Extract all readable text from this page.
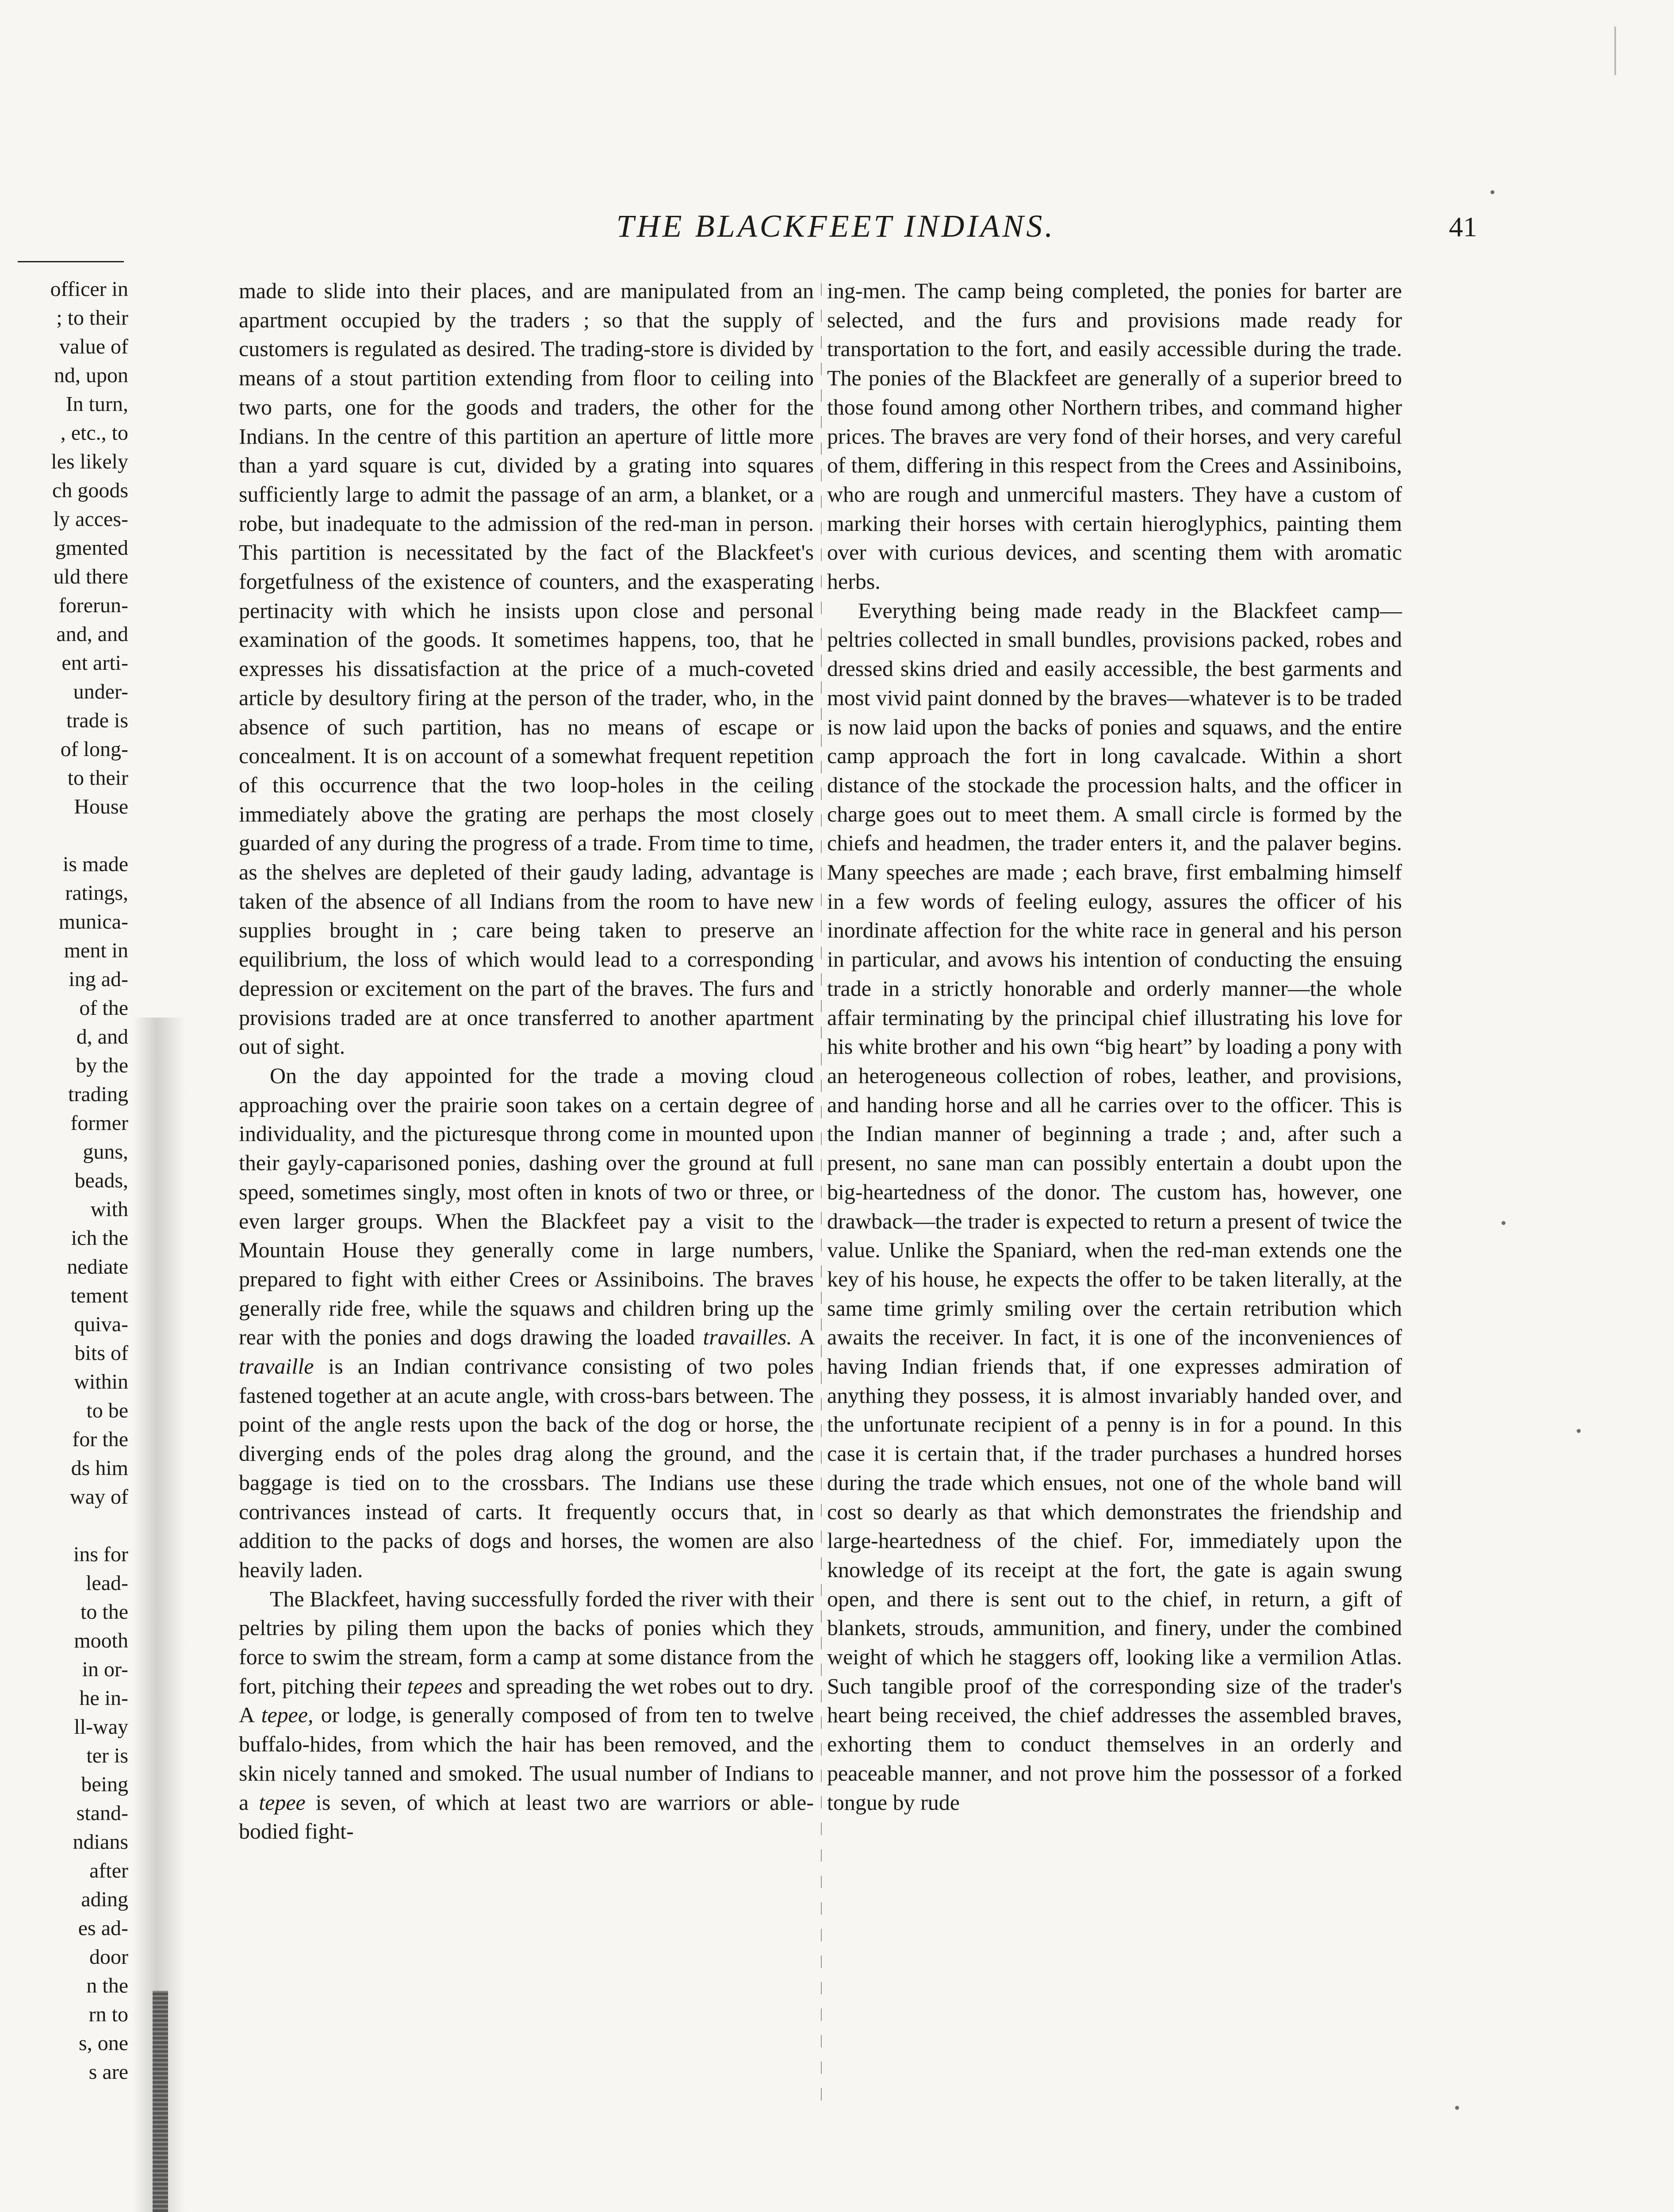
THE BLACKFEET INDIANS.	41
officer in
; to their
value of
nd, upon
In turn,
, etc., to
les likely
ch goods
ly acces-
gmented
uld there
forerun-
and, and
ent arti-
under-
trade is
of long-
to their
House
is made
ratings,
munica-
ment in
ing ad-
of the
d, and
by the
trading
former
guns,
beads,
with
ich the
nediate
tement
quiva-
bits of
within
to be
for the
ds him
way of
ins for
lead-
to the
mooth
in or-
he in-
ll-way
ter is
being
stand-
ndians
after
ading
es ad-
door
n the
rn to
s, one
s are

made to slide into their places, and are manipulated from an apartment occupied by the traders ; so that the supply of customers is regulated as desired. The trading-store is divided by means of a stout partition extending from floor to ceiling into two parts, one for the goods and traders, the other for the Indians. In the centre of this partition an aperture of little more than a yard square is cut, divided by a grating into squares sufficiently large to admit the passage of an arm, a blanket, or a robe, but inadequate to the admission of the red-man in person. This partition is necessitated by the fact of the Blackfeet's forgetfulness of the existence of counters, and the exasperating pertinacity with which he insists upon close and personal examination of the goods. It sometimes happens, too, that he expresses his dissatisfaction at the price of a much-coveted article by desultory firing at the person of the trader, who, in the absence of such partition, has no means of escape or concealment. It is on account of a somewhat frequent repetition of this occurrence that the two loop-holes in the ceiling immediately above the grating are perhaps the most closely guarded of any during the progress of a trade. From time to time, as the shelves are depleted of their gaudy lading, advantage is taken of the absence of all Indians from the room to have new supplies brought in ; care being taken to preserve an equilibrium, the loss of which would lead to a corresponding depression or excitement on the part of the braves. The furs and provisions traded are at once transferred to another apartment out of sight.

On the day appointed for the trade a moving cloud approaching over the prairie soon takes on a certain degree of individuality, and the picturesque throng come in mounted upon their gayly-caparisoned ponies, dashing over the ground at full speed, sometimes singly, most often in knots of two or three, or even larger groups. When the Blackfeet pay a visit to the Mountain House they generally come in large numbers, prepared to fight with either Crees or Assiniboins. The braves generally ride free, while the squaws and children bring up the rear with the ponies and dogs drawing the loaded travailles. A travaille is an Indian contrivance consisting of two poles fastened together at an acute angle, with cross-bars between. The point of the angle rests upon the back of the dog or horse, the diverging ends of the poles drag along the ground, and the baggage is tied on to the crossbars. The Indians use these contrivances instead of carts. It frequently occurs that, in addition to the packs of dogs and horses, the women are also heavily laden.

The Blackfeet, having successfully forded the river with their peltries by piling them upon the backs of ponies which they force to swim the stream, form a camp at some distance from the fort, pitching their tepees and spreading the wet robes out to dry. A tepee, or lodge, is generally composed of from ten to twelve buffalo-hides, from which the hair has been removed, and the skin nicely tanned and smoked. The usual number of Indians to a tepee is seven, of which at least two are warriors or able-bodied fight-

ing-men. The camp being completed, the ponies for barter are selected, and the furs and provisions made ready for transportation to the fort, and easily accessible during the trade. The ponies of the Blackfeet are generally of a superior breed to those found among other Northern tribes, and command higher prices. The braves are very fond of their horses, and very careful of them, differing in this respect from the Crees and Assiniboins, who are rough and unmerciful masters. They have a custom of marking their horses with certain hieroglyphics, painting them over with curious devices, and scenting them with aromatic herbs.

Everything being made ready in the Blackfeet camp—peltries collected in small bundles, provisions packed, robes and dressed skins dried and easily accessible, the best garments and most vivid paint donned by the braves—whatever is to be traded is now laid upon the backs of ponies and squaws, and the entire camp approach the fort in long cavalcade. Within a short distance of the stockade the procession halts, and the officer in charge goes out to meet them. A small circle is formed by the chiefs and headmen, the trader enters it, and the palaver begins. Many speeches are made ; each brave, first embalming himself in a few words of feeling eulogy, assures the officer of his inordinate affection for the white race in general and his person in particular, and avows his intention of conducting the ensuing trade in a strictly honorable and orderly manner—the whole affair terminating by the principal chief illustrating his love for his white brother and his own “big heart” by loading a pony with an heterogeneous collection of robes, leather, and provisions, and handing horse and all he carries over to the officer. This is the Indian manner of beginning a trade ; and, after such a present, no sane man can possibly entertain a doubt upon the big-heartedness of the donor. The custom has, however, one drawback—the trader is expected to return a present of twice the value. Unlike the Spaniard, when the red-man extends one the key of his house, he expects the offer to be taken literally, at the same time grimly smiling over the certain retribution which awaits the receiver. In fact, it is one of the inconveniences of having Indian friends that, if one expresses admiration of anything they possess, it is almost invariably handed over, and the unfortunate recipient of a penny is in for a pound. In this case it is certain that, if the trader purchases a hundred horses during the trade which ensues, not one of the whole band will cost so dearly as that which demonstrates the friendship and large-heartedness of the chief. For, immediately upon the knowledge of its receipt at the fort, the gate is again swung open, and there is sent out to the chief, in return, a gift of blankets, strouds, ammunition, and finery, under the combined weight of which he staggers off, looking like a vermilion Atlas. Such tangible proof of the corresponding size of the trader's heart being received, the chief addresses the assembled braves, exhorting them to conduct themselves in an orderly and peaceable manner, and not prove him the possessor of a forked tongue by rude
